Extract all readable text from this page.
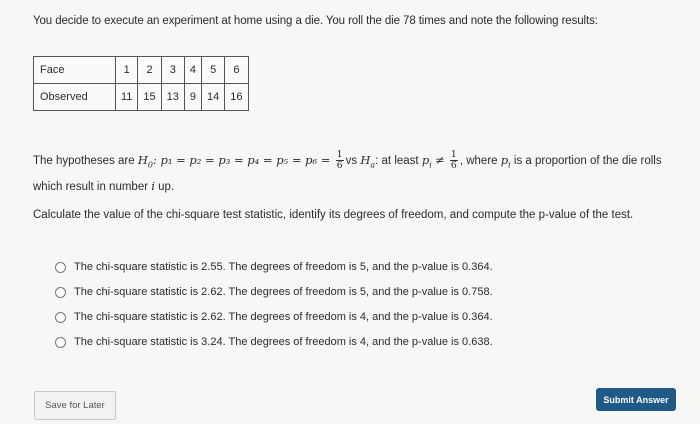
You decide to execute an experiment at home using a die. You roll the die 78 times and note the following results:
Face	1	2	3	4	5	6
Observed	11	15	13	9	14	16
The hypotheses are $H_0$: $p_1 = p_2 = p_3 = p_4 = p_5 = p_6 = \frac{1}{6}$ vs $H_a$: at least $p_i \ne \frac{1}{6}$ , where $p_i$ is a proportion of the die rolls
which result in number i up.
Calculate the value of the chi-square test statistic, identify its degrees of freedom, and compute the p-value of the test.
The chi-square statistic is 2.55. The degrees of freedom is 5, and the p-value is 0.364.
The chi-square statistic is 2.62. The degrees of freedom is 5, and the p-value is 0.758.
The chi-square statistic is 2.62. The degrees of freedom is 4, and the p-value is 0.364.
The chi-square statistic is 3.24. The degrees of freedom is 4, and the p-value is 0.638.
Save for Later
Submit Answer
